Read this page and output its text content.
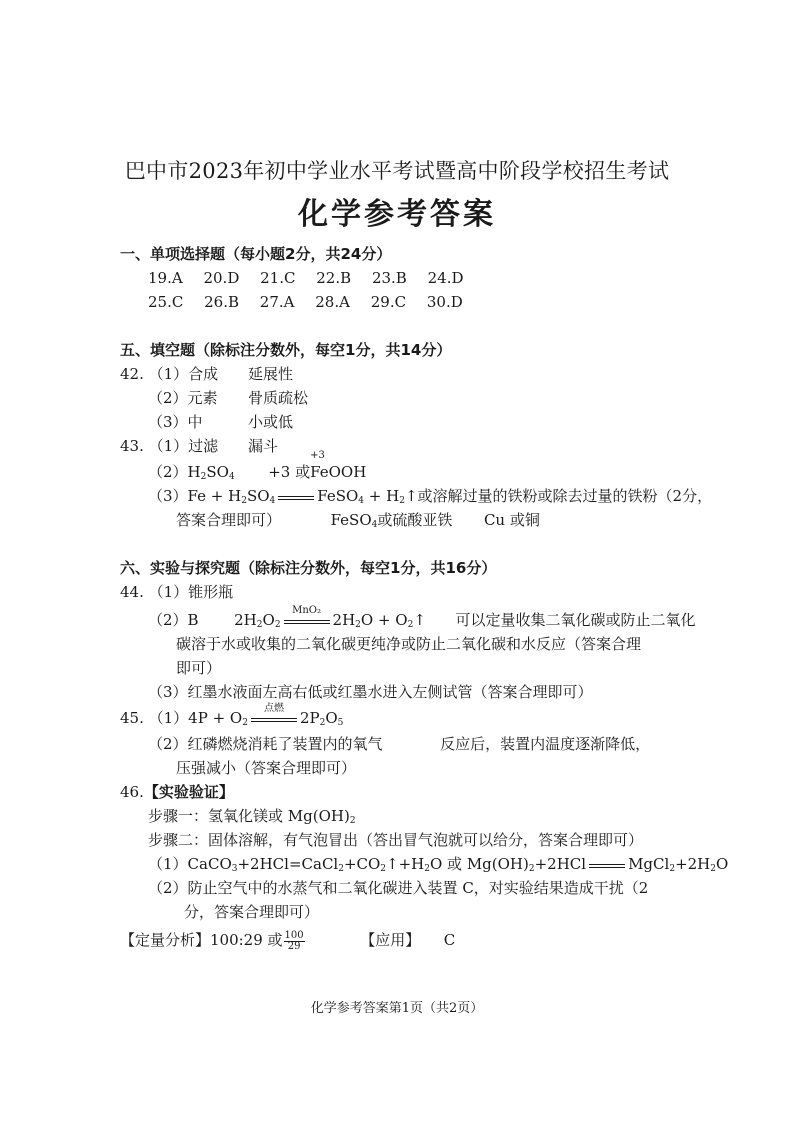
巴中市2023年初中学业水平考试暨高中阶段学校招生考试
化学参考答案
一、单项选择题（每小题2分，共24分）
19.A 20.D 21.C 22.B 23.B 24.D
25.C 26.B 27.A 28.A 29.C 30.D
五、填空题（除标注分数外，每空1分，共14分）
42. （1）合成 延展性
（2）元素 骨质疏松
（3）中	小或低
43. （1）过滤 漏斗
$(2)H_2SO_4 +3$ 或
+3
FeOOH
$(3)Fe + H_2SO_4$	FeSO$_4$ + $H_2↑$或溶解过量的铁粉或除去过量的铁粉（2分，
答案合理即可）	FeSO$_4$或硫酸亚铁 Cu 或铜
六、实验与探究题（除标注分数外，每空1分，共16分）
44. （1）锥形瓶
（2）B $2H_2O_2$
MnO₂
$2H_2O$ + $O_2↑$ 可以定量收集二氧化碳或防止二氧化
碳溶于水或收集的二氧化碳更纯净或防止二氧化碳和水反应（答案合理
即可）
（3）红墨水液面左高右低或红墨水进入左侧试管（答案合理即可）
45. $(1)4P + O_2$
点燃
$2P_2O_5$
（2）红磷燃烧消耗了装置内的氧气	反应后，装置内温度逐渐降低，
压强减小（答案合理即可）
46.【实验验证】
步骤一：氢氧化镁或 $Mg(OH)_2$
步骤二：固体溶解，有气泡冒出（答出冒气泡就可以给分，答案合理即可）
$(1)CaCO_3+2HCl=CaCl_2+CO_2↑+H_2O$ 或 $Mg(OH)_2+2HCl$	$MgCl_2+2H_2O$
（2）防止空气中的水蒸气和二氧化碳进入装置 C，对实验结果造成干扰（2
分，答案合理即可）
【定量分析】100:29 或 $\frac{100}{29}$	【应用】 C
化学参考答案第1页（共2页）
